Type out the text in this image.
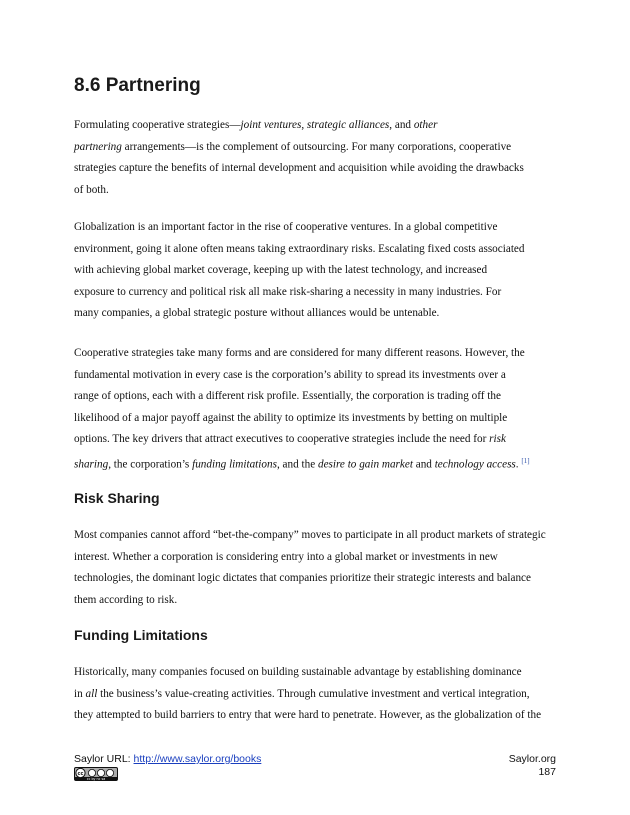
8.6 Partnering
Formulating cooperative strategies—joint ventures, strategic alliances, and other
partnering arrangements—is the complement of outsourcing. For many corporations, cooperative
strategies capture the benefits of internal development and acquisition while avoiding the drawbacks
of both.
Globalization is an important factor in the rise of cooperative ventures. In a global competitive
environment, going it alone often means taking extraordinary risks. Escalating fixed costs associated
with achieving global market coverage, keeping up with the latest technology, and increased
exposure to currency and political risk all make risk-sharing a necessity in many industries. For
many companies, a global strategic posture without alliances would be untenable.
Cooperative strategies take many forms and are considered for many different reasons. However, the
fundamental motivation in every case is the corporation’s ability to spread its investments over a
range of options, each with a different risk profile. Essentially, the corporation is trading off the
likelihood of a major payoff against the ability to optimize its investments by betting on multiple
options. The key drivers that attract executives to cooperative strategies include the need for risk
sharing, the corporation’s funding limitations, and the desire to gain market and technology access. [1]
Risk Sharing
Most companies cannot afford “bet-the-company” moves to participate in all product markets of strategic
interest. Whether a corporation is considering entry into a global market or investments in new
technologies, the dominant logic dictates that companies prioritize their strategic interests and balance
them according to risk.
Funding Limitations
Historically, many companies focused on building sustainable advantage by establishing dominance
in all the business’s value-creating activities. Through cumulative investment and vertical integration,
they attempted to build barriers to entry that were hard to penetrate. However, as the globalization of the
Saylor URL: http://www.saylor.org/books
cc
cc by nc sa
Saylor.org
187
